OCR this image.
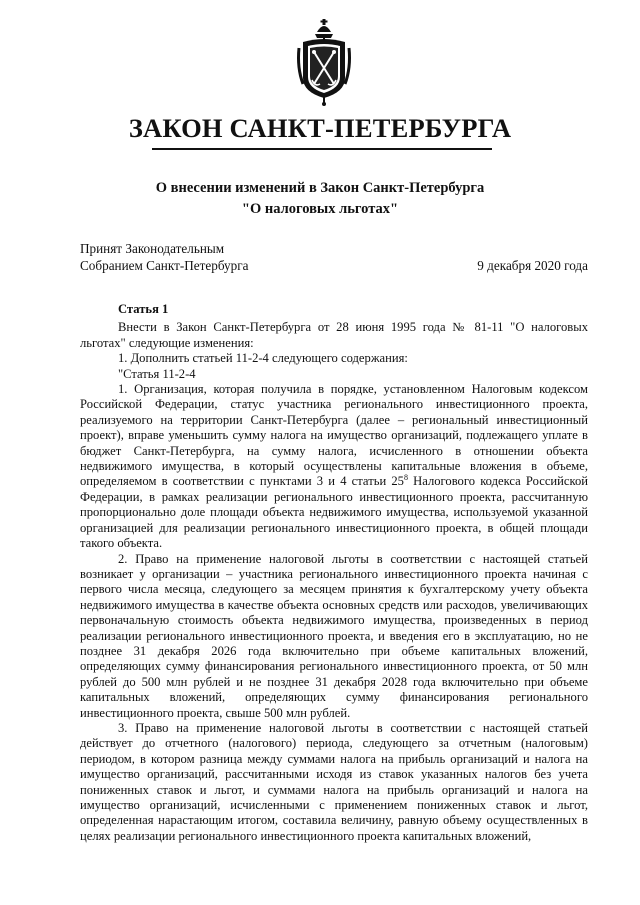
ЗАКОН САНКТ-ПЕТЕРБУРГА
О внесении изменений в Закон Санкт-Петербурга
"О налоговых льготах"
Принят Законодательным
Собранием Санкт-Петербурга	9 декабря 2020 года

Статья 1

Внести в Закон Санкт-Петербурга от 28 июня 1995 года № 81-11 "О налоговых льготах" следующие изменения:

1. Дополнить статьей 11-2-4 следующего содержания:

"Статья 11-2-4

1. Организация, которая получила в порядке, установленном Налоговым кодексом Российской Федерации, статус участника регионального инвестиционного проекта, реализуемого на территории Санкт-Петербурга (далее – региональный инвестиционный проект), вправе уменьшить сумму налога на имущество организаций, подлежащего уплате в бюджет Санкт-Петербурга, на сумму налога, исчисленного в отношении объекта недвижимого имущества, в который осуществлены капитальные вложения в объеме, определяемом в соответствии с пунктами 3 и 4 статьи $25^8$ Налогового кодекса Российской Федерации, в рамках реализации регионального инвестиционного проекта, рассчитанную пропорционально доле площади объекта недвижимого имущества, используемой указанной организацией для реализации регионального инвестиционного проекта, в общей площади такого объекта.

2. Право на применение налоговой льготы в соответствии с настоящей статьей возникает у организации – участника регионального инвестиционного проекта начиная с первого числа месяца, следующего за месяцем принятия к бухгалтерскому учету объекта недвижимого имущества в качестве объекта основных средств или расходов, увеличивающих первоначальную стоимость объекта недвижимого имущества, произведенных в период реализации регионального инвестиционного проекта, и введения его в эксплуатацию, но не позднее 31 декабря 2026 года включительно при объеме капитальных вложений, определяющих сумму финансирования регионального инвестиционного проекта, от 50 млн рублей до 500 млн рублей и не позднее 31 декабря 2028 года включительно при объеме капитальных вложений, определяющих сумму финансирования регионального инвестиционного проекта, свыше 500 млн рублей.

3. Право на применение налоговой льготы в соответствии с настоящей статьей действует до отчетного (налогового) периода, следующего за отчетным (налоговым) периодом, в котором разница между суммами налога на прибыль организаций и налога на имущество организаций, рассчитанными исходя из ставок указанных налогов без учета пониженных ставок и льгот, и суммами налога на прибыль организаций и налога на имущество организаций, исчисленными с применением пониженных ставок и льгот, определенная нарастающим итогом, составила величину, равную объему осуществленных в целях реализации регионального инвестиционного проекта капитальных вложений,
